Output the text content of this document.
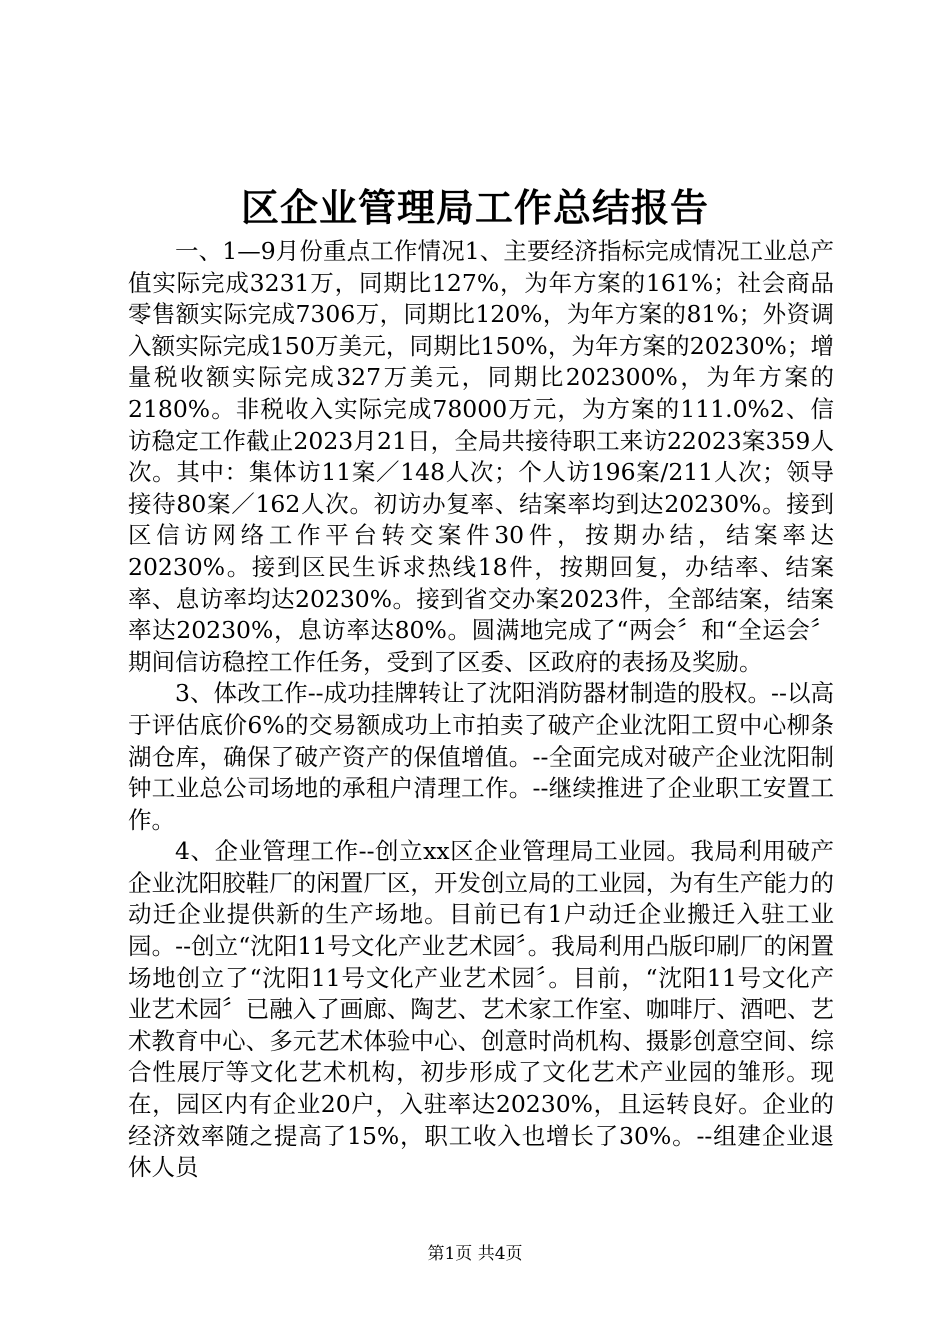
区企业管理局工作总结报告

一、1—9月份重点工作情况1、主要经济指标完成情况工业总产值实际完成3231万，同期比127%，为年方案的161%；社会商品零售额实际完成7306万，同期比120%，为年方案的81%；外资调入额实际完成150万美元，同期比150%，为年方案的20230%；增量税收额实际完成327万美元，同期比202300%，为年方案的2180%。非税收入实际完成78000万元，为方案的111.0%2、信访稳定工作截止2023月21日，全局共接待职工来访22023案359人次。其中：集体访11案／148人次；个人访196案/211人次；领导接待80案／162人次。初访办复率、结案率均到达20230%。接到区信访网络工作平台转交案件30件，按期办结，结案率达20230%。接到区民生诉求热线18件，按期回复，办结率、结案率、息访率均达20230%。接到省交办案2023件，全部结案，结案率达20230%，息访率达80%。圆满地完成了“两会〞和“全运会〞期间信访稳控工作任务，受到了区委、区政府的表扬及奖励。

3、体改工作--成功挂牌转让了沈阳消防器材制造的股权。--以高于评估底价6%的交易额成功上市拍卖了破产企业沈阳工贸中心柳条湖仓库，确保了破产资产的保值增值。--全面完成对破产企业沈阳制钟工业总公司场地的承租户清理工作。--继续推进了企业职工安置工作。

4、企业管理工作--创立xx区企业管理局工业园。我局利用破产企业沈阳胶鞋厂的闲置厂区，开发创立局的工业园，为有生产能力的动迁企业提供新的生产场地。目前已有1户动迁企业搬迁入驻工业园。--创立“沈阳11号文化产业艺术园〞。我局利用凸版印刷厂的闲置场地创立了“沈阳11号文化产业艺术园〞。目前，“沈阳11号文化产业艺术园〞已融入了画廊、陶艺、艺术家工作室、咖啡厅、酒吧、艺术教育中心、多元艺术体验中心、创意时尚机构、摄影创意空间、综合性展厅等文化艺术机构，初步形成了文化艺术产业园的雏形。现在，园区内有企业20户，入驻率达20230%，且运转良好。企业的经济效率随之提高了15%，职工收入也增长了30%。--组建企业退休人员

第1页 共4页
